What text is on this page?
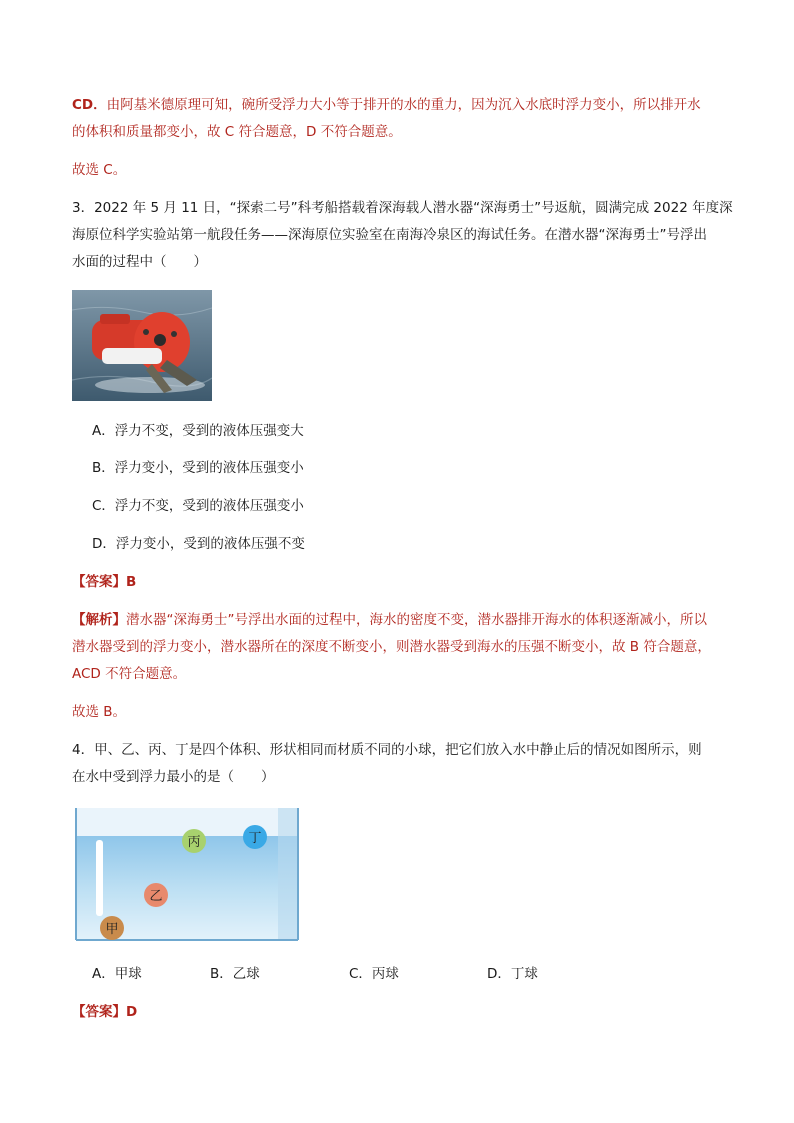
CD．由阿基米德原理可知，碗所受浮力大小等于排开的水的重力，因为沉入水底时浮力变小，所以排开水
的体积和质量都变小，故 C 符合题意，D 不符合题意。
故选 C。
3．2022 年 5 月 11 日，“探索二号”科考船搭载着深海载人潜水器“深海勇士”号返航，圆满完成 2022 年度深
海原位科学实验站第一航段任务——深海原位实验室在南海冷泉区的海试任务。在潜水器“深海勇士”号浮出
水面的过程中（　　）
A．浮力不变，受到的液体压强变大
B．浮力变小，受到的液体压强变小
C．浮力不变，受到的液体压强变小
D．浮力变小，受到的液体压强不变
【答案】B
【解析】潜水器“深海勇士”号浮出水面的过程中，海水的密度不变，潜水器排开海水的体积逐渐减小，所以
潜水器受到的浮力变小，潜水器所在的深度不断变小，则潜水器受到海水的压强不断变小，故 B 符合题意，
ACD 不符合题意。
故选 B。
4．甲、乙、丙、丁是四个体积、形状相同而材质不同的小球，把它们放入水中静止后的情况如图所示，则
在水中受到浮力最小的是（　　）
丙	丁
乙
甲
A．甲球	B．乙球	C．丙球	D．丁球
【答案】D
